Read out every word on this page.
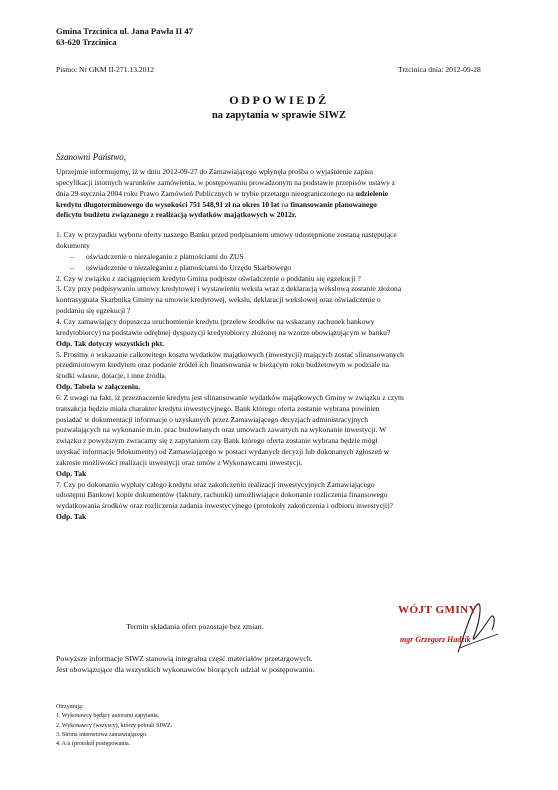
Gmina Trzcinica ul. Jana Pawła II 47
63-620 Trzcinica
Pismo: Nr GKM II-271.13.2012	Trzcinica dnia: 2012-09-28
ODPOWIEDŹ
na zapytania w sprawie SIWZ
Szanowni Państwo,
Uprzejmie informujemy, iż w dniu 2012-09-27 do Zamawiającego wpłynęła prośba o wyjaśnienie zapisu
specyfikacji istotnych warunków zamówienia, w postępowaniu prowadzonym na podstawie przepisów ustawy z
dnia 29 stycznia 2004 roku Prawo Zamówień Publicznych w trybie przetargu nieograniczonego na udzielenie
kredytu długoterminowego do wysokości 751 548,91 zł na okres 10 lat na finansowanie planowanego
deficytu budżetu związanego z realizacją wydatków majątkowych w 2012r.
1. Czy w przypadku wyboru oferty naszego Banku przed podpisaniem umowy udostępnione zostaną następujące
dokumenty
– oświadczenie o niezaleganiu z płatnościami do ZUS
– oświadczenie o niezaleganiu z płatnościami do Urzędu Skarbowego
2. Czy w związku z zaciągnięciem kredytu Gmina podpisze oświadczenie o poddaniu się egzekucji ?
3. Czy przy podpisywaniu umowy kredytowej i wystawieniu weksla wraz z deklaracją wekslową zostanie złożona
kontrasygnata Skarbnika Gminy na umowie kredytowej, wekslu, deklaracji wekslowej oraz oświadczenie o
poddaniu się egzekucji ?
4. Czy zamawiający dopuszcza uruchomienie kredytu (przelew środków na wskazany rachunek bankowy
kredytobiorcy) na podstawie odrębnej dyspozycji kredytobiorcy złożonej na wzorze obowiązującym w banku?
Odp. Tak dotyczy wszystkich pkt.
5. Prosimy o wskazanie całkowitego kosztu wydatków majątkowych (inwestycji) mających zostać sfinansowanych
przedmiotowym kredytem oraz podanie źródeł ich finansowania w bieżącym roku budżetowym w podziale na
środki własne, dotacje, i inne źródła.
Odp. Tabela w załączeniu.
6. Z uwagi na fakt, iż przeznaczenie kredytu jest sfinansowanie wydatków majątkowych Gminy w związku z czym
transakcja będzie miała charakter kredytu inwestycyjnego. Bank którego oferta zostanie wybrana powinien
posiadać w dokumentacji informacje o uzyskanych przez Zamawiającego decyzjach administracyjnych
pozwalających na wykonanie m.in. prac budowlanych oraz umowach zawartych na wykonanie inwestycji. W
związku z powyższym zwracamy się z zapytaniem czy Bank którego oferta zostanie wybrana będzie mógł
uzyskać informacje 9dokumenty) od Zamawiającego w postaci wydanych decyzji lub dokonanych zgłoszeń w
zakresie możliwości realizacji inwestycji oraz umów z Wykonawcami inwestycji.
Odp. Tak
7. Czy po dokonaniu wypłaty całego kredytu oraz zakończeniu realizacji inwestycyjnych Zamawiającego
udostępni Bankowi kopie dokumentów (faktury, rachunki) umożliwiające dokonanie rozliczenia finansowego
wydatkowania środków oraz rozliczenia zadania inwestycyjnego (protokoły zakończenia i odbioru inwestycji)?
Odp. Tak
WÓJT GMINY
mgr Grzegorz Hadzik
Termin składania ofert pozostaje bez zmian.
Powyższe informacje SIWZ stanowią integralna część materiałów przetargowych.
Jest obowiązujące dla wszystkich wykonawców biorących udział w postępowaniu.
Otrzymują:
1. Wykonawcy będący autorami zapytania.
2. Wykonawcy (wszyscy), którzy pobrali SIWZ.
3. Strona internetowa zamawiającego.
4. A/a (protokół postępowania.
